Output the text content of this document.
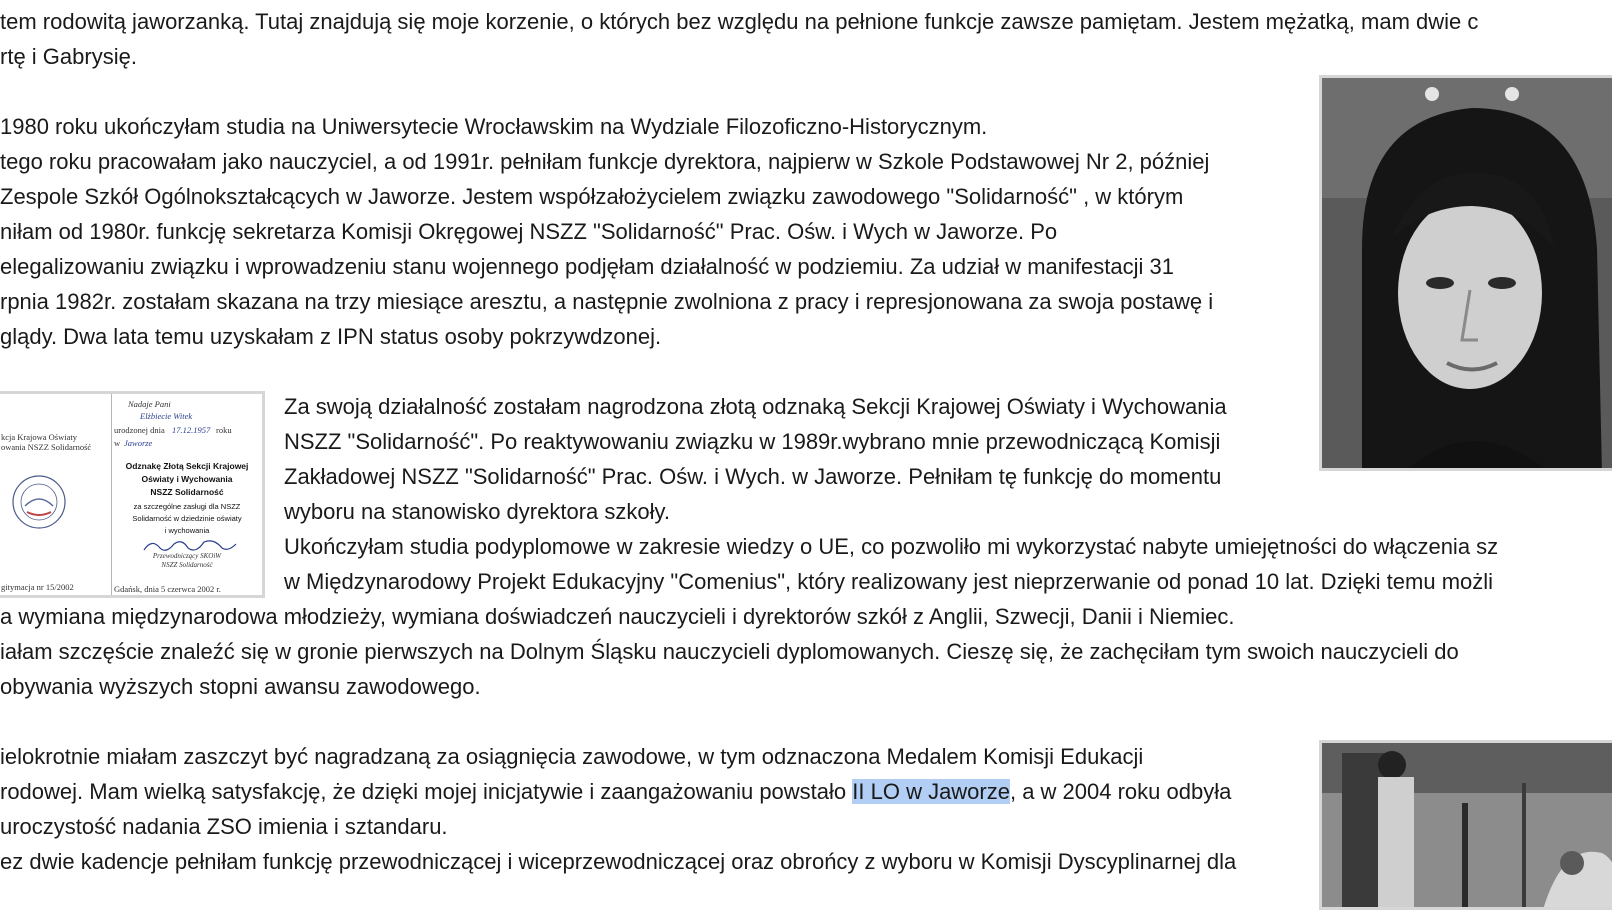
tem rodowitą jaworzanką. Tutaj znajdują się moje korzenie, o których bez względu na pełnione funkcje zawsze pamiętam. Jestem mężatką, mam dwie c

rtę i Gabrysię.

1980 roku ukończyłam studia na Uniwersytecie Wrocławskim na Wydziale Filozoficzno-Historycznym.

tego roku pracowałam jako nauczyciel, a od 1991r. pełniłam funkcje dyrektora, najpierw w Szkole Podstawowej Nr 2, później

Zespole Szkół Ogólnokształcących w Jaworze. Jestem współzałożycielem związku zawodowego "Solidarność" , w którym

niłam od 1980r. funkcję sekretarza Komisji Okręgowej NSZZ "Solidarność" Prac. Ośw. i Wych w Jaworze. Po

elegalizowaniu związku i wprowadzeniu stanu wojennego podjęłam działalność w podziemiu. Za udział w manifestacji 31

rpnia 1982r. zostałam skazana na trzy miesiące aresztu, a następnie zwolniona z pracy i represjonowana za swoja postawę i

glądy. Dwa lata temu uzyskałam z IPN status osoby pokrzywdzonej.

kcja Krajowa Oświaty
owania NSZZ Solidarność
gitymacja nr 15/2002
Nadaje Pani
Elżbiecie Witek
urodzonej dnia 17.12.1957 roku
w Jaworze
Odznakę Złotą Sekcji Krajowej
Oświaty i Wychowania
NSZZ Solidarność
za szczególne zasługi dla NSZZ
Solidarność w dziedzinie oświaty
i wychowania
Przewodniczący SKOiW
NSZZ Solidarność
Gdańsk, dnia 5 czerwca 2002 r.

Za swoją działalność zostałam nagrodzona złotą odznaką Sekcji Krajowej Oświaty i Wychowania

NSZZ "Solidarność". Po reaktywowaniu związku w 1989r.wybrano mnie przewodniczącą Komisji

Zakładowej NSZZ "Solidarność" Prac. Ośw. i Wych. w Jaworze. Pełniłam tę funkcję do momentu

wyboru na stanowisko dyrektora szkoły.

Ukończyłam studia podyplomowe w zakresie wiedzy o UE, co pozwoliło mi wykorzystać nabyte umiejętności do włączenia sz

w Międzynarodowy Projekt Edukacyjny "Comenius", który realizowany jest nieprzerwanie od ponad 10 lat. Dzięki temu możli

a wymiana międzynarodowa młodzieży, wymiana doświadczeń nauczycieli i dyrektorów szkół z Anglii, Szwecji, Danii i Niemiec.

iałam szczęście znaleźć się w gronie pierwszych na Dolnym Śląsku nauczycieli dyplomowanych. Cieszę się, że zachęciłam tym swoich nauczycieli do

obywania wyższych stopni awansu zawodowego.

ielokrotnie miałam zaszczyt być nagradzaną za osiągnięcia zawodowe, w tym odznaczona Medalem Komisji Edukacji

rodowej. Mam wielką satysfakcję, że dzięki mojej inicjatywie i zaangażowaniu powstało II LO w Jaworze, a w 2004 roku odbyła

uroczystość nadania ZSO imienia i sztandaru.

ez dwie kadencje pełniłam funkcję przewodniczącej i wiceprzewodniczącej oraz obrońcy z wyboru w Komisji Dyscyplinarnej dla
